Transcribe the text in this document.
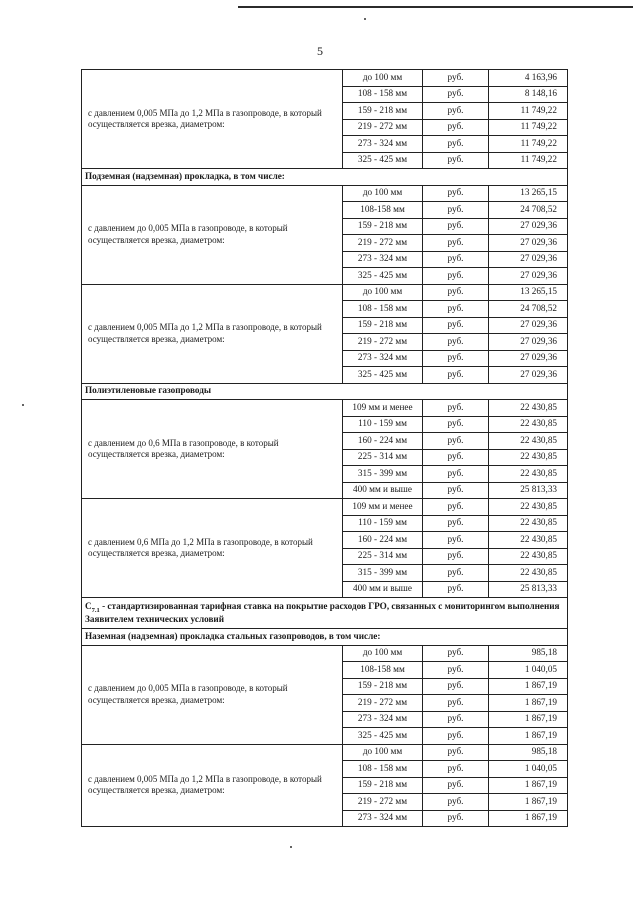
5
с давлением 0,005 МПа до 1,2 МПа в газопроводе, в который осуществляется врезка, диаметром:	до 100 мм	руб.	4 163,96
	108 - 158 мм	руб.	8 148,16
	159 - 218 мм	руб.	11 749,22
	219 - 272 мм	руб.	11 749,22
	273 - 324 мм	руб.	11 749,22
	325 - 425 мм	руб.	11 749,22
Подземная (надземная) прокладка, в том числе:			
с давлением до 0,005 МПа в газопроводе, в который осуществляется врезка, диаметром:	до 100 мм	руб.	13 265,15
	108-158 мм	руб.	24 708,52
	159 - 218 мм	руб.	27 029,36
	219 - 272 мм	руб.	27 029,36
	273 - 324 мм	руб.	27 029,36
	325 - 425 мм	руб.	27 029,36
с давлением 0,005 МПа до 1,2 МПа в газопроводе, в который осуществляется врезка, диаметром:	до 100 мм	руб.	13 265,15
	108 - 158 мм	руб.	24 708,52
	159 - 218 мм	руб.	27 029,36
	219 - 272 мм	руб.	27 029,36
	273 - 324 мм	руб.	27 029,36
	325 - 425 мм	руб.	27 029,36
Полиэтиленовые газопроводы			
с давлением до 0,6 МПа в газопроводе, в который осуществляется врезка, диаметром:	109 мм и менее	руб.	22 430,85
	110 - 159 мм	руб.	22 430,85
	160 - 224 мм	руб.	22 430,85
	225 - 314 мм	руб.	22 430,85
	315 - 399 мм	руб.	22 430,85
	400 мм и выше	руб.	25 813,33
с давлением 0,6 МПа до 1,2 МПа в газопроводе, в который осуществляется врезка, диаметром:	109 мм и менее	руб.	22 430,85
	110 - 159 мм	руб.	22 430,85
	160 - 224 мм	руб.	22 430,85
	225 - 314 мм	руб.	22 430,85
	315 - 399 мм	руб.	22 430,85
	400 мм и выше	руб.	25 813,33
$С_{7.1}$ - стандартизированная тарифная ставка на покрытие расходов ГРО, связанных с мониторингом выполнения Заявителем технических условий			
Наземная (надземная) прокладка стальных газопроводов, в том числе:			
с давлением до 0,005 МПа в газопроводе, в который осуществляется врезка, диаметром:	до 100 мм	руб.	985,18
	108-158 мм	руб.	1 040,05
	159 - 218 мм	руб.	1 867,19
	219 - 272 мм	руб.	1 867,19
	273 - 324 мм	руб.	1 867,19
	325 - 425 мм	руб.	1 867,19
с давлением 0,005 МПа до 1,2 МПа в газопроводе, в который осуществляется врезка, диаметром:	до 100 мм	руб.	985,18
	108 - 158 мм	руб.	1 040,05
	159 - 218 мм	руб.	1 867,19
	219 - 272 мм	руб.	1 867,19
	273 - 324 мм	руб.	1 867,19
